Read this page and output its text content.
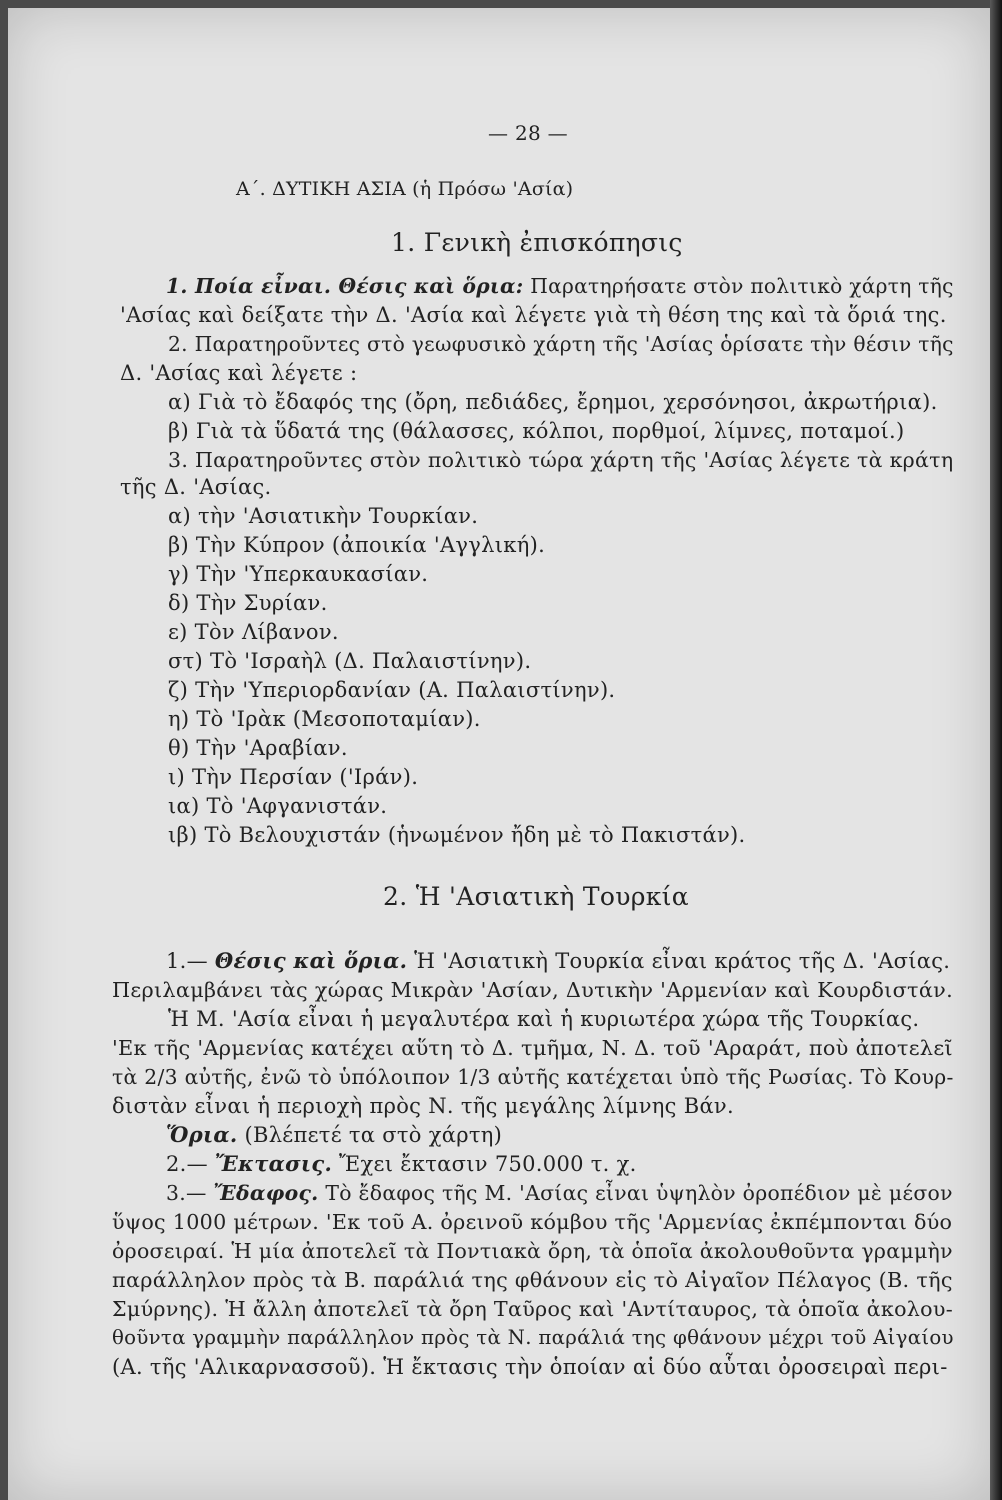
— 28 —
Α΄. ΔΥΤΙΚΗ ΑΣΙΑ (ἡ Πρόσω 'Ασία)
1. Γενικὴ ἐπισκόπησις
1. Ποία εἶναι. Θέσις καὶ ὅρια: Παρατηρήσατε στὸν πολιτικὸ χάρτη τῆς
'Ασίας καὶ δείξατε τὴν Δ. 'Ασία καὶ λέγετε γιὰ τὴ θέση της καὶ τὰ ὅριά της.
2. Παρατηροῦντες στὸ γεωφυσικὸ χάρτη τῆς 'Ασίας ὁρίσατε τὴν θέσιν τῆς
Δ. 'Ασίας καὶ λέγετε :
α) Γιὰ τὸ ἔδαφός της (ὄρη, πεδιάδες, ἔρημοι, χερσόνησοι, ἀκρωτήρια).
β) Γιὰ τὰ ὕδατά της (θάλασσες, κόλποι, πορθμοί, λίμνες, ποταμοί.)
3. Παρατηροῦντες στὸν πολιτικὸ τώρα χάρτη τῆς 'Ασίας λέγετε τὰ κράτη
τῆς Δ. 'Ασίας.
α) τὴν 'Ασιατικὴν Τουρκίαν.
β) Τὴν Κύπρον (ἀποικία 'Αγγλική).
γ) Τὴν 'Υπερκαυκασίαν.
δ) Τὴν Συρίαν.
ε) Τὸν Λίβανον.
στ) Τὸ 'Ισραὴλ (Δ. Παλαιστίνην).
ζ) Τὴν 'Υπεριορδανίαν (Α. Παλαιστίνην).
η) Τὸ 'Ιρὰκ (Μεσοποταμίαν).
θ) Τὴν 'Αραβίαν.
ι) Τὴν Περσίαν ('Ιράν).
ια) Τὸ 'Αφγανιστάν.
ιβ) Τὸ Βελουχιστάν (ἡνωμένον ἤδη μὲ τὸ Πακιστάν).
2. Ἡ 'Ασιατικὴ Τουρκία
1.— Θέσις καὶ ὅρια. Ἡ 'Ασιατικὴ Τουρκία εἶναι κράτος τῆς Δ. 'Ασίας.
Περιλαμβάνει τὰς χώρας Μικρὰν 'Ασίαν, Δυτικὴν 'Αρμενίαν καὶ Κουρδιστάν.
Ἡ Μ. 'Ασία εἶναι ἡ μεγαλυτέρα καὶ ἡ κυριωτέρα χώρα τῆς Τουρκίας.
'Εκ τῆς 'Αρμενίας κατέχει αὕτη τὸ Δ. τμῆμα, Ν. Δ. τοῦ 'Αραράτ, ποὺ ἀποτελεῖ
τὰ 2/3 αὐτῆς, ἐνῶ τὸ ὑπόλοιπον 1/3 αὐτῆς κατέχεται ὑπὸ τῆς Ρωσίας. Τὸ Κουρ-
διστὰν εἶναι ἡ περιοχὴ πρὸς Ν. τῆς μεγάλης λίμνης Βάν.
Ὅρια. (Βλέπετέ τα στὸ χάρτη)
2.— Ἔκτασις. Ἔχει ἔκτασιν 750.000 τ. χ.
3.— Ἔδαφος. Τὸ ἔδαφος τῆς Μ. 'Ασίας εἶναι ὑψηλὸν ὀροπέδιον μὲ μέσον
ὕψος 1000 μέτρων. 'Εκ τοῦ Α. ὀρεινοῦ κόμβου τῆς 'Αρμενίας ἐκπέμπονται δύο
ὀροσειραί. Ἡ μία ἀποτελεῖ τὰ Ποντιακὰ ὄρη, τὰ ὁποῖα ἀκολουθοῦντα γραμμὴν
παράλληλον πρὸς τὰ Β. παράλιά της φθάνουν εἰς τὸ Αἰγαῖον Πέλαγος (Β. τῆς
Σμύρνης). Ἡ ἄλλη ἀποτελεῖ τὰ ὄρη Ταῦρος καὶ 'Αντίταυρος, τὰ ὁποῖα ἀκολου-
θοῦντα γραμμὴν παράλληλον πρὸς τὰ Ν. παράλιά της φθάνουν μέχρι τοῦ Αἰγαίου
(Α. τῆς 'Αλικαρνασσοῦ). Ἡ ἔκτασις τὴν ὁποίαν αἱ δύο αὗται ὀροσειραὶ περι-
